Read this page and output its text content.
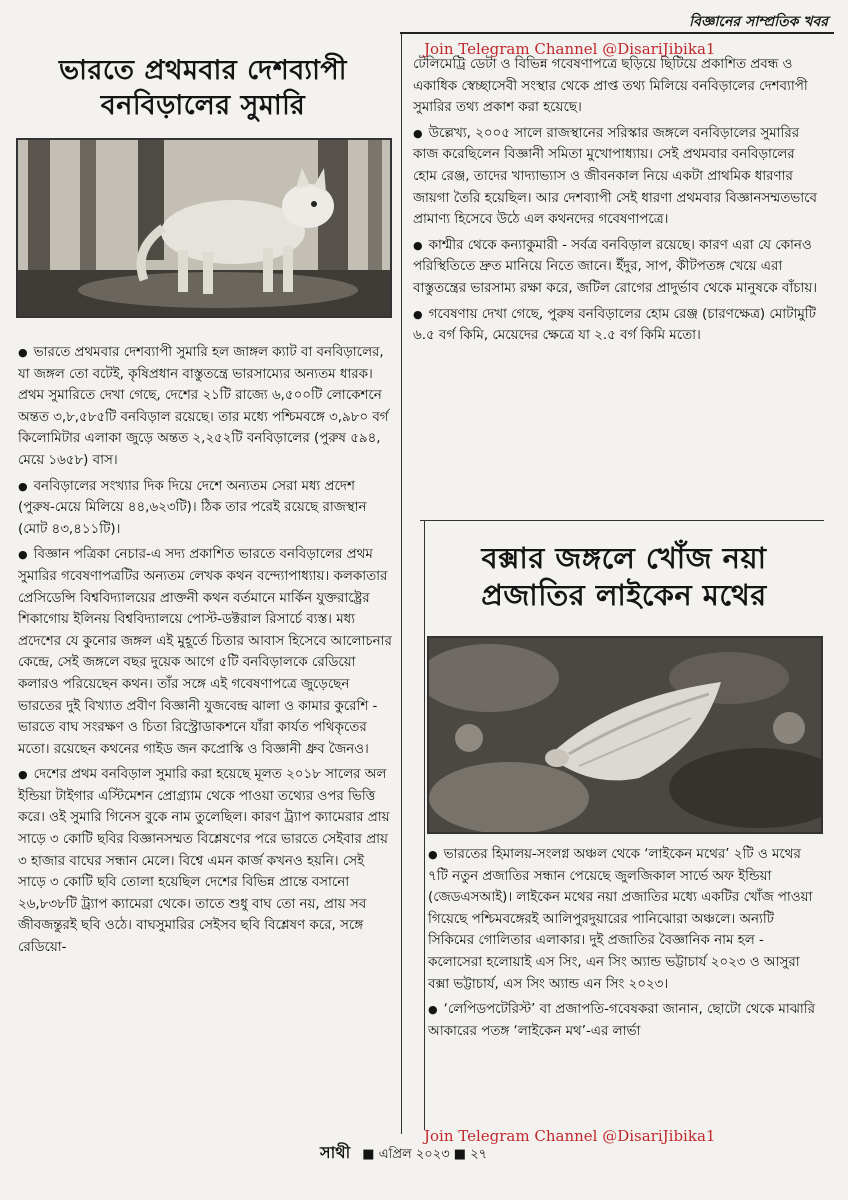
বিজ্ঞানের সাম্প্রতিক খবর
Join Telegram Channel @DisariJibika1
ভারতে প্রথমবার দেশব্যাপী
বনবিড়ালের সুমারি

● ভারতে প্রথমবার দেশব্যাপী সুমারি হল জাঙ্গল ক্যাট বা বনবিড়ালের, যা জঙ্গল তো বটেই, কৃষিপ্রধান বাস্তুতন্ত্রে ভারসাম্যের অন্যতম ধারক। প্রথম সুমারিতে দেখা গেছে, দেশের ২১টি রাজ্যে ৬,৫০০টি লোকেশনে অন্তত ৩,৮,৫৮৫টি বনবিড়াল রয়েছে। তার মধ্যে পশ্চিমবঙ্গে ৩,৯৮০ বর্গ কিলোমিটার এলাকা জুড়ে অন্তত ২,২৫২টি বনবিড়ালের (পুরুষ ৫৯৪, মেয়ে ১৬৫৮) বাস।

● বনবিড়ালের সংখ্যার দিক দিয়ে দেশে অন্যতম সেরা মধ্য প্রদেশ (পুরুষ-মেয়ে মিলিয়ে ৪৪,৬২৩টি)। ঠিক তার পরেই রয়েছে রাজস্থান (মোট ৪৩,৪১১টি)।

● বিজ্ঞান পত্রিকা নেচার-এ সদ্য প্রকাশিত ভারতে বনবিড়ালের প্রথম সুমারির গবেষণাপত্রটির অন্যতম লেখক কথন বন্দ্যোপাধ্যায়। কলকাতার প্রেসিডেন্সি বিশ্ববিদ্যালয়ের প্রাক্তনী কথন বর্তমানে মার্কিন যুক্তরাষ্ট্রের শিকাগোয় ইলিনয় বিশ্ববিদ্যালয়ে পোস্ট-ডক্টরাল রিসার্চে ব্যস্ত। মধ্য প্রদেশের যে কুনোর জঙ্গল এই মুহূর্তে চিতার আবাস হিসেবে আলোচনার কেন্দ্রে, সেই জঙ্গলে বছর দুয়েক আগে ৫টি বনবিড়ালকে রেডিয়ো কলারও পরিয়েছেন কথন। তাঁর সঙ্গে এই গবেষণাপত্রে জুড়েছেন ভারতের দুই বিখ্যাত প্রবীণ বিজ্ঞানী যুজবেন্দ্র ঝালা ও কামার কুরেশি - ভারতে বাঘ সংরক্ষণ ও চিতা রিস্ট্রোডাকশনে যাঁরা কার্যত পথিকৃতের মতো। রয়েছেন কথনের গাইড জন কপ্রোস্কি ও বিজ্ঞানী ধ্রুব জৈনও।

● দেশের প্রথম বনবিড়াল সুমারি করা হয়েছে মূলত ২০১৮ সালের অল ইন্ডিয়া টাইগার এস্টিমেশন প্রোগ্র্যাম থেকে পাওয়া তথ্যের ওপর ভিত্তি করে। ওই সুমারি গিনেস বুকে নাম তুলেছিল। কারণ ট্র্যাপ ক্যামেরার প্রায় সাড়ে ৩ কোটি ছবির বিজ্ঞানসম্মত বিশ্লেষণের পরে ভারতে সেইবার প্রায় ৩ হাজার বাঘের সন্ধান মেলে। বিশ্বে এমন কার্জ কখনও হয়নি। সেই সাড়ে ৩ কোটি ছবি তোলা হয়েছিল দেশের বিভিন্ন প্রান্তে বসানো ২৬,৮৩৮টি ট্র্যাপ ক্যামেরা থেকে। তাতে শুধু বাঘ তো নয়, প্রায় সব জীবজন্তুরই ছবি ওঠে। বাঘসুমারির সেইসব ছবি বিশ্লেষণ করে, সঙ্গে রেডিয়ো-

টেলিমেট্রি ডেটা ও বিভিন্ন গবেষণাপত্রে ছড়িয়ে ছিটিয়ে প্রকাশিত প্রবন্ধ ও একাধিক স্বেচ্ছাসেবী সংস্থার থেকে প্রাপ্ত তথ্য মিলিয়ে বনবিড়ালের দেশব্যাপী সুমারির তথ্য প্রকাশ করা হয়েছে।

● উল্লেখ্য, ২০০৫ সালে রাজস্থানের সরিস্কার জঙ্গলে বনবিড়ালের সুমারির কাজ করেছিলেন বিজ্ঞানী সমিতা মুখোপাধ্যায়। সেই প্রথমবার বনবিড়ালের হোম রেঞ্জ, তাদের খাদ্যাভ্যাস ও জীবনকাল নিয়ে একটা প্রাথমিক ধারণার জায়গা তৈরি হয়েছিল। আর দেশব্যাপী সেই ধারণা প্রথমবার বিজ্ঞানসম্মতভাবে প্রামাণ্য হিসেবে উঠে এল কথনদের গবেষণাপত্রে।

● কাশ্মীর থেকে কন্যাকুমারী - সর্বত্র বনবিড়াল রয়েছে। কারণ এরা যে কোনও পরিস্থিতিতে দ্রুত মানিয়ে নিতে জানে। ইঁদুর, সাপ, কীটপতঙ্গ খেয়ে এরা বাস্তুতন্ত্রের ভারসাম্য রক্ষা করে, জটিল রোগের প্রাদুর্ভাব থেকে মানুষকে বাঁচায়।

● গবেষণায় দেখা গেছে, পুরুষ বনবিড়ালের হোম রেঞ্জ (চারণক্ষেত্র) মোটামুটি ৬.৫ বর্গ কিমি, মেয়েদের ক্ষেত্রে যা ২.৫ বর্গ কিমি মতো।

বক্সার জঙ্গলে খোঁজ নয়া
প্রজাতির লাইকেন মথের

● ভারতের হিমালয়-সংলগ্ন অঞ্চল থেকে ‘লাইকেন মথের’ ২টি ও মথের ৭টি নতুন প্রজাতির সন্ধান পেয়েছে জুলজিকাল সার্ভে অফ ইন্ডিয়া (জেডএসআই)। লাইকেন মথের নয়া প্রজাতির মধ্যে একটির খোঁজ পাওয়া গিয়েছে পশ্চিমবঙ্গেরই আলিপুরদুয়ারের পানিঝোরা অঞ্চলে। অন্যটি সিকিমের গোলিতার এলাকার। দুই প্রজাতির বৈজ্ঞানিক নাম হল - কলোসেরা হলোয়াই এস সিং, এন সিং অ্যান্ড ভট্টাচার্য ২০২৩ ও আসুরা বক্সা ভট্টাচার্য, এস সিং অ্যান্ড এন সিং ২০২৩।

● ‘লেপিডপটেরিস্ট’ বা প্রজাপতি-গবেষকরা জানান, ছোটো থেকে মাঝারি আকারের পতঙ্গ ‘লাইকেন মথ’-এর লার্ভা

সাথী ■ এপ্রিল ২০২৩ ■ ২৭
Join Telegram Channel @DisariJibika1
